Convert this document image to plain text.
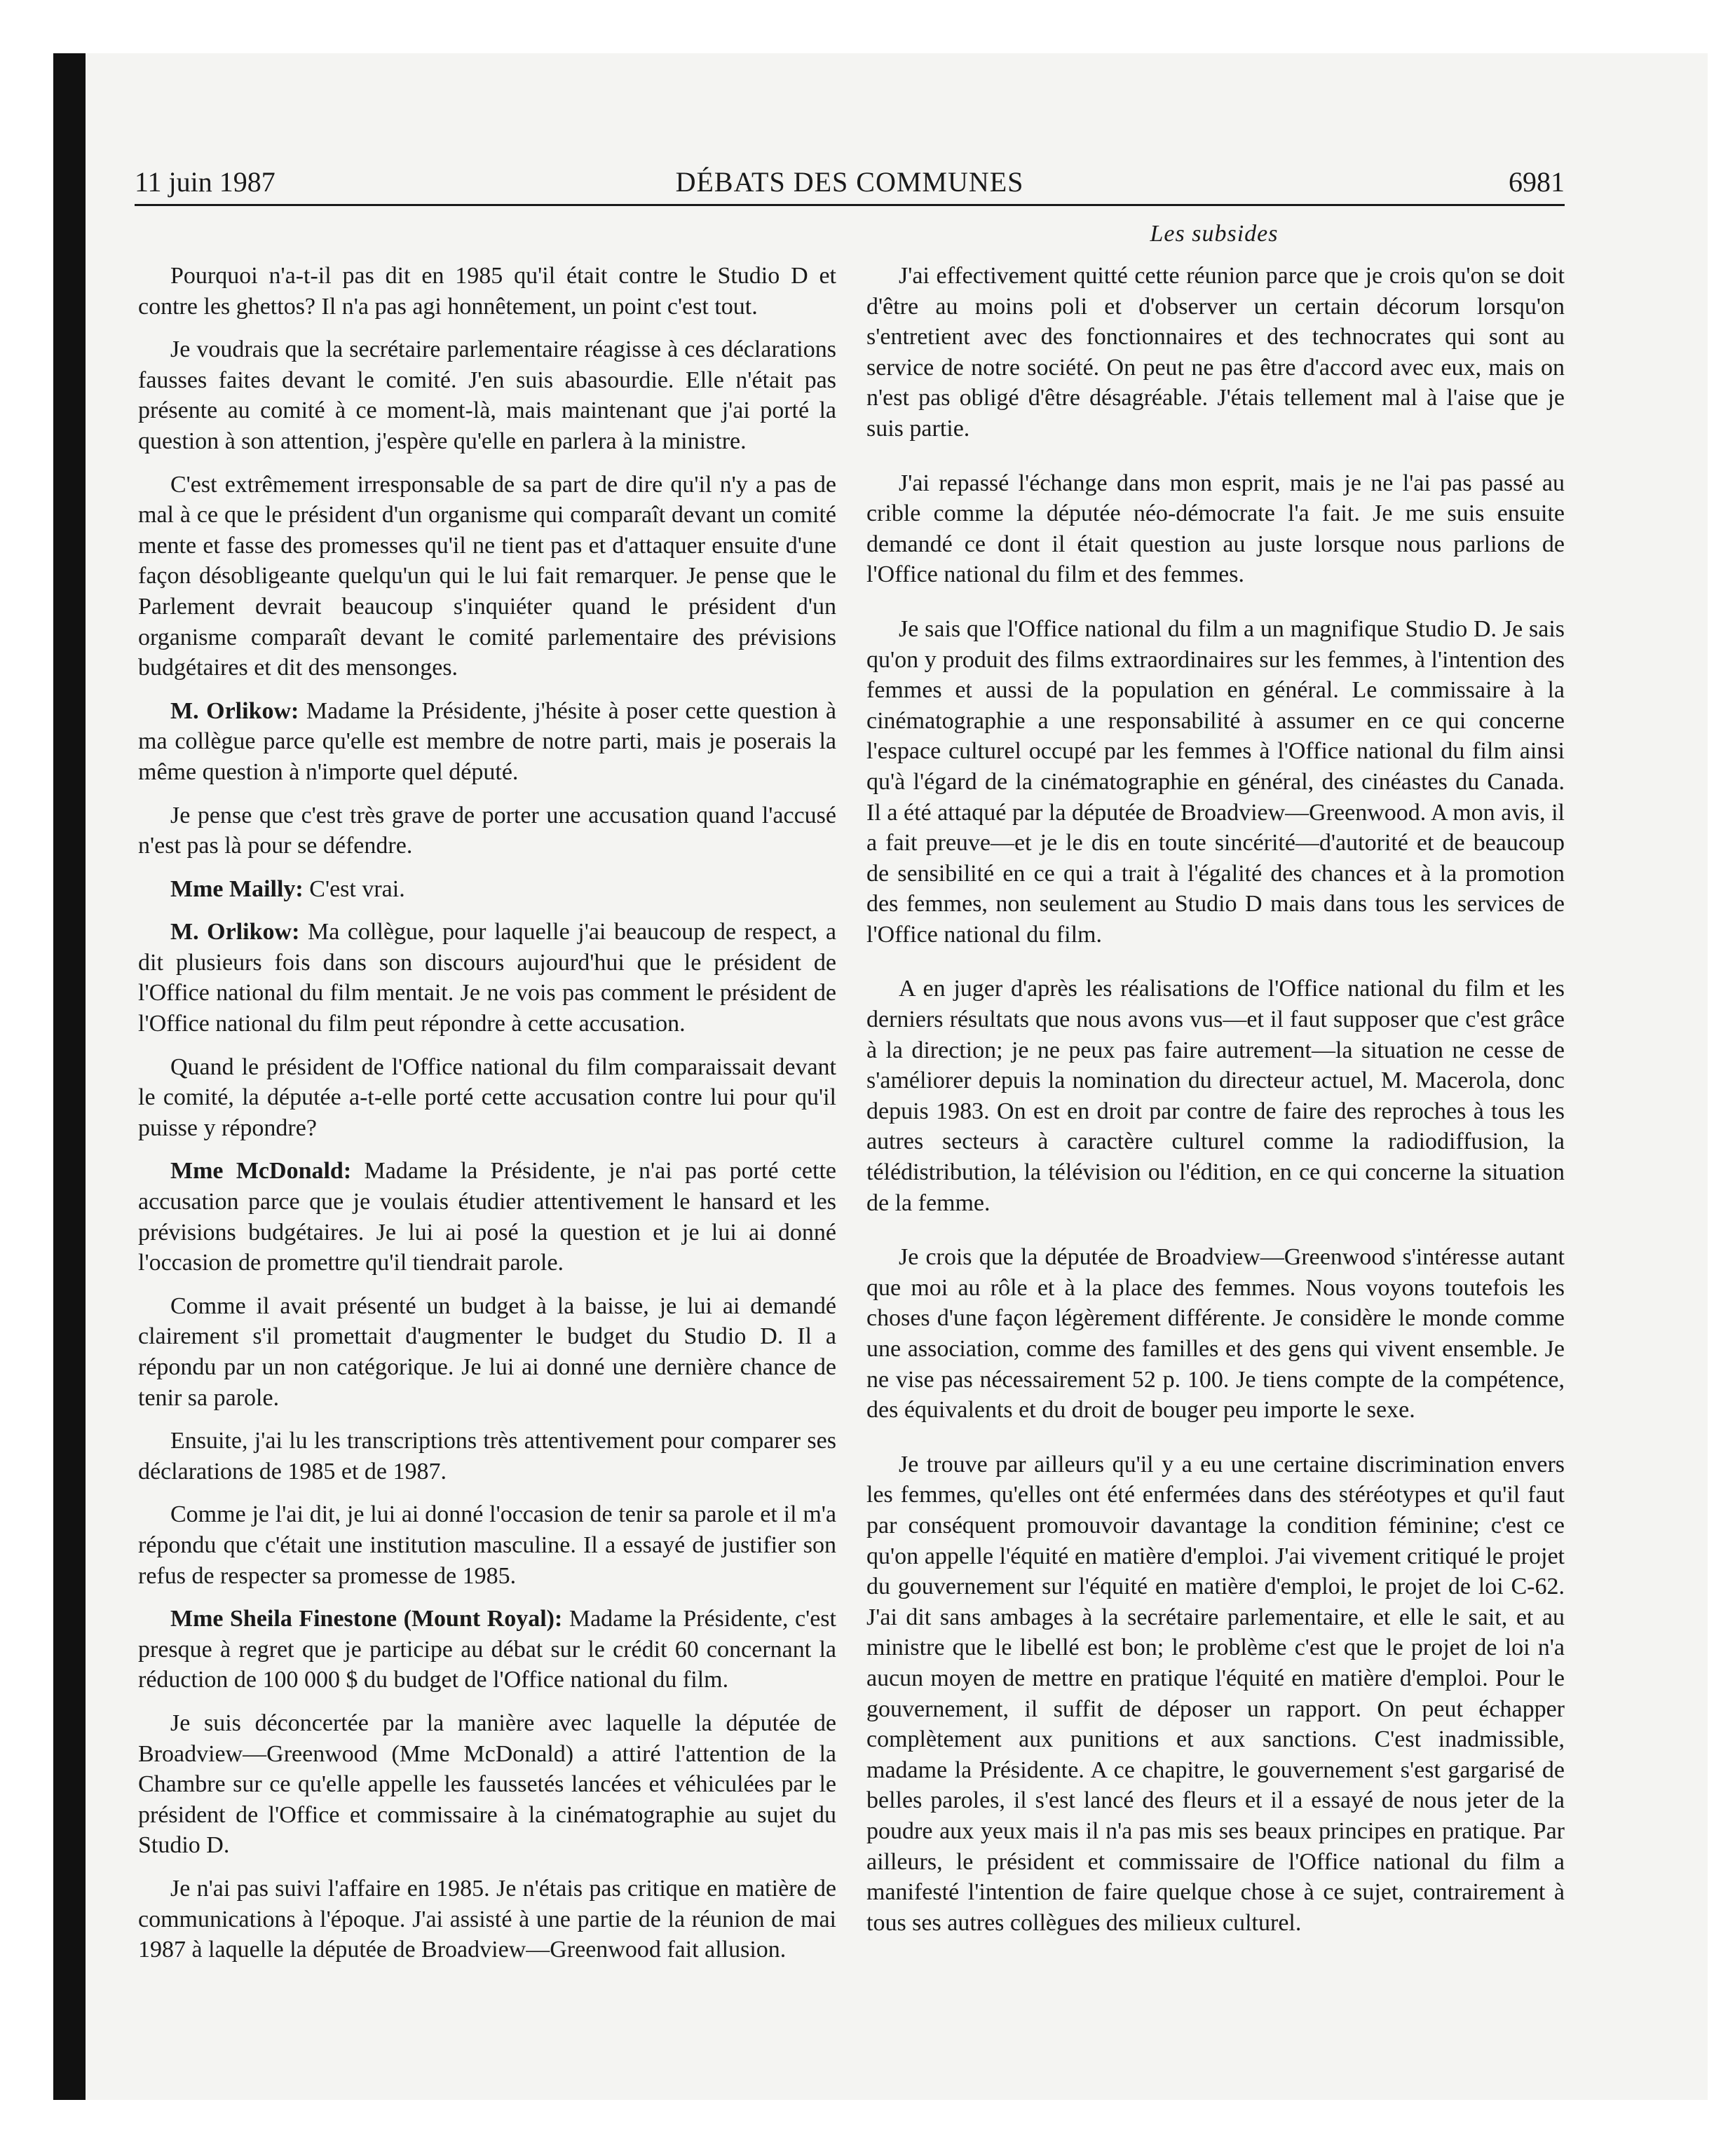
11 juin 1987	DÉBATS DES COMMUNES	6981
Les subsides

Pourquoi n'a-t-il pas dit en 1985 qu'il était contre le Studio D et contre les ghettos? Il n'a pas agi honnêtement, un point c'est tout.

Je voudrais que la secrétaire parlementaire réagisse à ces déclarations fausses faites devant le comité. J'en suis abasourdie. Elle n'était pas présente au comité à ce moment-là, mais maintenant que j'ai porté la question à son attention, j'espère qu'elle en parlera à la ministre.

C'est extrêmement irresponsable de sa part de dire qu'il n'y a pas de mal à ce que le président d'un organisme qui comparaît devant un comité mente et fasse des promesses qu'il ne tient pas et d'attaquer ensuite d'une façon désobligeante quelqu'un qui le lui fait remarquer. Je pense que le Parlement devrait beaucoup s'inquiéter quand le président d'un organisme comparaît devant le comité parlementaire des prévisions budgétaires et dit des mensonges.

M. Orlikow: Madame la Présidente, j'hésite à poser cette question à ma collègue parce qu'elle est membre de notre parti, mais je poserais la même question à n'importe quel député.

Je pense que c'est très grave de porter une accusation quand l'accusé n'est pas là pour se défendre.

Mme Mailly: C'est vrai.

M. Orlikow: Ma collègue, pour laquelle j'ai beaucoup de respect, a dit plusieurs fois dans son discours aujourd'hui que le président de l'Office national du film mentait. Je ne vois pas comment le président de l'Office national du film peut répondre à cette accusation.

Quand le président de l'Office national du film comparaissait devant le comité, la députée a-t-elle porté cette accusation contre lui pour qu'il puisse y répondre?

Mme McDonald: Madame la Présidente, je n'ai pas porté cette accusation parce que je voulais étudier attentivement le hansard et les prévisions budgétaires. Je lui ai posé la question et je lui ai donné l'occasion de promettre qu'il tiendrait parole.

Comme il avait présenté un budget à la baisse, je lui ai demandé clairement s'il promettait d'augmenter le budget du Studio D. Il a répondu par un non catégorique. Je lui ai donné une dernière chance de tenir sa parole.

Ensuite, j'ai lu les transcriptions très attentivement pour comparer ses déclarations de 1985 et de 1987.

Comme je l'ai dit, je lui ai donné l'occasion de tenir sa parole et il m'a répondu que c'était une institution masculine. Il a essayé de justifier son refus de respecter sa promesse de 1985.

Mme Sheila Finestone (Mount Royal): Madame la Présidente, c'est presque à regret que je participe au débat sur le crédit 60 concernant la réduction de 100 000 $ du budget de l'Office national du film.

Je suis déconcertée par la manière avec laquelle la députée de Broadview—Greenwood (Mme McDonald) a attiré l'attention de la Chambre sur ce qu'elle appelle les faussetés lancées et véhiculées par le président de l'Office et commissaire à la cinématographie au sujet du Studio D.

Je n'ai pas suivi l'affaire en 1985. Je n'étais pas critique en matière de communications à l'époque. J'ai assisté à une partie de la réunion de mai 1987 à laquelle la députée de Broadview—Greenwood fait allusion.

J'ai effectivement quitté cette réunion parce que je crois qu'on se doit d'être au moins poli et d'observer un certain décorum lorsqu'on s'entretient avec des fonctionnaires et des technocrates qui sont au service de notre société. On peut ne pas être d'accord avec eux, mais on n'est pas obligé d'être désagréable. J'étais tellement mal à l'aise que je suis partie.

J'ai repassé l'échange dans mon esprit, mais je ne l'ai pas passé au crible comme la députée néo-démocrate l'a fait. Je me suis ensuite demandé ce dont il était question au juste lorsque nous parlions de l'Office national du film et des femmes.

Je sais que l'Office national du film a un magnifique Studio D. Je sais qu'on y produit des films extraordinaires sur les femmes, à l'intention des femmes et aussi de la population en général. Le commissaire à la cinématographie a une responsabilité à assumer en ce qui concerne l'espace culturel occupé par les femmes à l'Office national du film ainsi qu'à l'égard de la cinématographie en général, des cinéastes du Canada. Il a été attaqué par la députée de Broadview—Greenwood. A mon avis, il a fait preuve—et je le dis en toute sincérité—d'autorité et de beaucoup de sensibilité en ce qui a trait à l'égalité des chances et à la promotion des femmes, non seulement au Studio D mais dans tous les services de l'Office national du film.

A en juger d'après les réalisations de l'Office national du film et les derniers résultats que nous avons vus—et il faut supposer que c'est grâce à la direction; je ne peux pas faire autrement—la situation ne cesse de s'améliorer depuis la nomination du directeur actuel, M. Macerola, donc depuis 1983. On est en droit par contre de faire des reproches à tous les autres secteurs à caractère culturel comme la radiodiffusion, la télédistribution, la télévision ou l'édition, en ce qui concerne la situation de la femme.

Je crois que la députée de Broadview—Greenwood s'intéresse autant que moi au rôle et à la place des femmes. Nous voyons toutefois les choses d'une façon légèrement différente. Je considère le monde comme une association, comme des familles et des gens qui vivent ensemble. Je ne vise pas nécessairement 52 p. 100. Je tiens compte de la compétence, des équivalents et du droit de bouger peu importe le sexe.

Je trouve par ailleurs qu'il y a eu une certaine discrimination envers les femmes, qu'elles ont été enfermées dans des stéréotypes et qu'il faut par conséquent promouvoir davantage la condition féminine; c'est ce qu'on appelle l'équité en matière d'emploi. J'ai vivement critiqué le projet du gouvernement sur l'équité en matière d'emploi, le projet de loi C-62. J'ai dit sans ambages à la secrétaire parlementaire, et elle le sait, et au ministre que le libellé est bon; le problème c'est que le projet de loi n'a aucun moyen de mettre en pratique l'équité en matière d'emploi. Pour le gouvernement, il suffit de déposer un rapport. On peut échapper complètement aux punitions et aux sanctions. C'est inadmissible, madame la Présidente. A ce chapitre, le gouvernement s'est gargarisé de belles paroles, il s'est lancé des fleurs et il a essayé de nous jeter de la poudre aux yeux mais il n'a pas mis ses beaux principes en pratique. Par ailleurs, le président et commissaire de l'Office national du film a manifesté l'intention de faire quelque chose à ce sujet, contrairement à tous ses autres collègues des milieux culturel.
